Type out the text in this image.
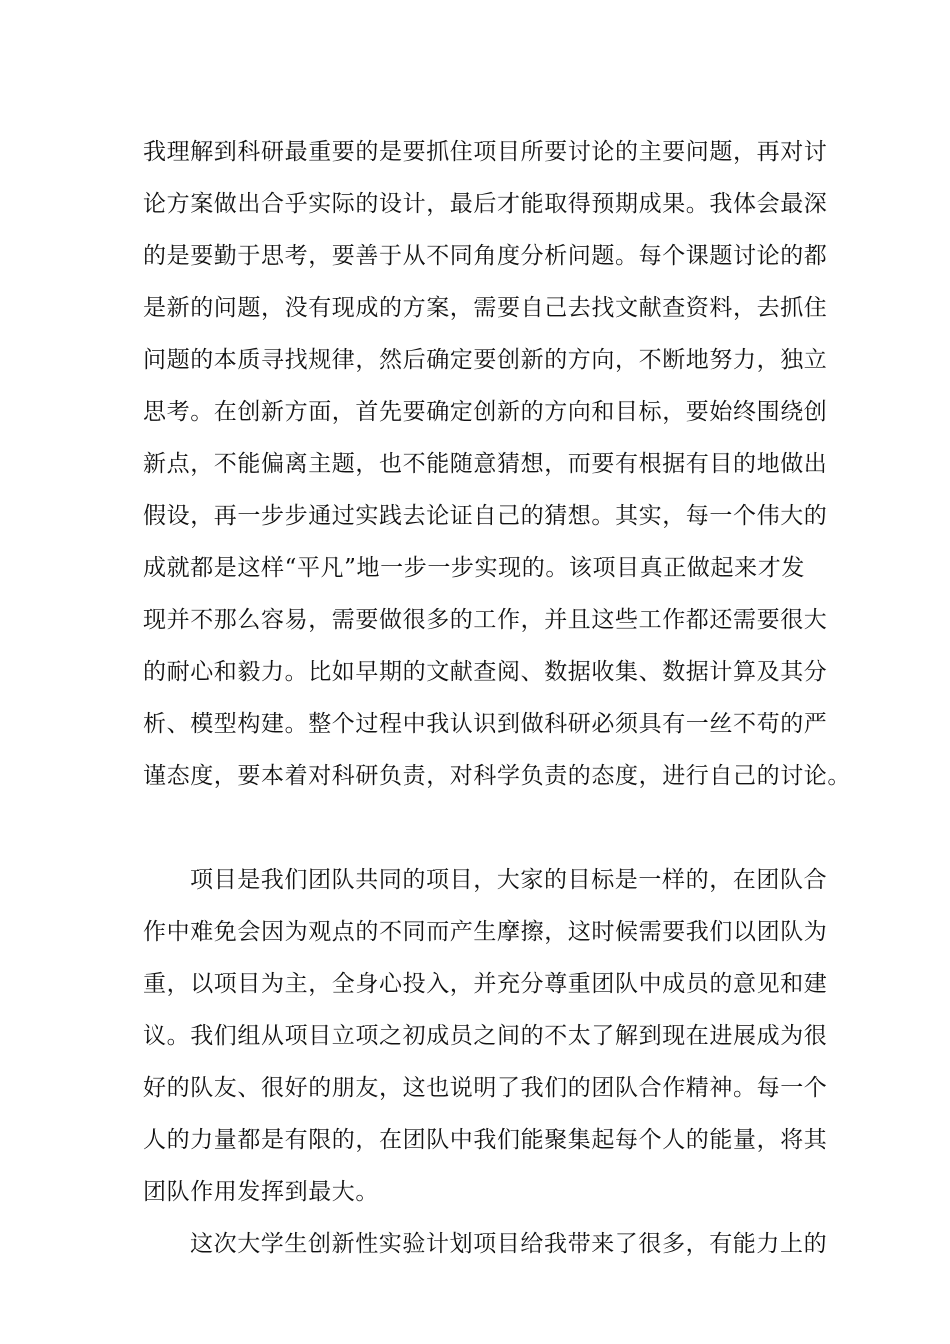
我理解到科研最重要的是要抓住项目所要讨论的主要问题，再对讨
论方案做出合乎实际的设计，最后才能取得预期成果。我体会最深
的是要勤于思考，要善于从不同角度分析问题。每个课题讨论的都
是新的问题，没有现成的方案，需要自己去找文献查资料，去抓住
问题的本质寻找规律，然后确定要创新的方向，不断地努力，独立
思考。在创新方面，首先要确定创新的方向和目标，要始终围绕创
新点，不能偏离主题，也不能随意猜想，而要有根据有目的地做出
假设，再一步步通过实践去论证自己的猜想。其实，每一个伟大的
成就都是这样“平凡”地一步一步实现的。该项目真正做起来才发
现并不那么容易，需要做很多的工作，并且这些工作都还需要很大
的耐心和毅力。比如早期的文献查阅、数据收集、数据计算及其分
析、模型构建。整个过程中我认识到做科研必须具有一丝不苟的严
谨态度，要本着对科研负责，对科学负责的态度，进行自己的讨论。
项目是我们团队共同的项目，大家的目标是一样的，在团队合
作中难免会因为观点的不同而产生摩擦，这时候需要我们以团队为
重，以项目为主，全身心投入，并充分尊重团队中成员的意见和建
议。我们组从项目立项之初成员之间的不太了解到现在进展成为很
好的队友、很好的朋友，这也说明了我们的团队合作精神。每一个
人的力量都是有限的，在团队中我们能聚集起每个人的能量，将其
团队作用发挥到最大。
这次大学生创新性实验计划项目给我带来了很多，有能力上的
